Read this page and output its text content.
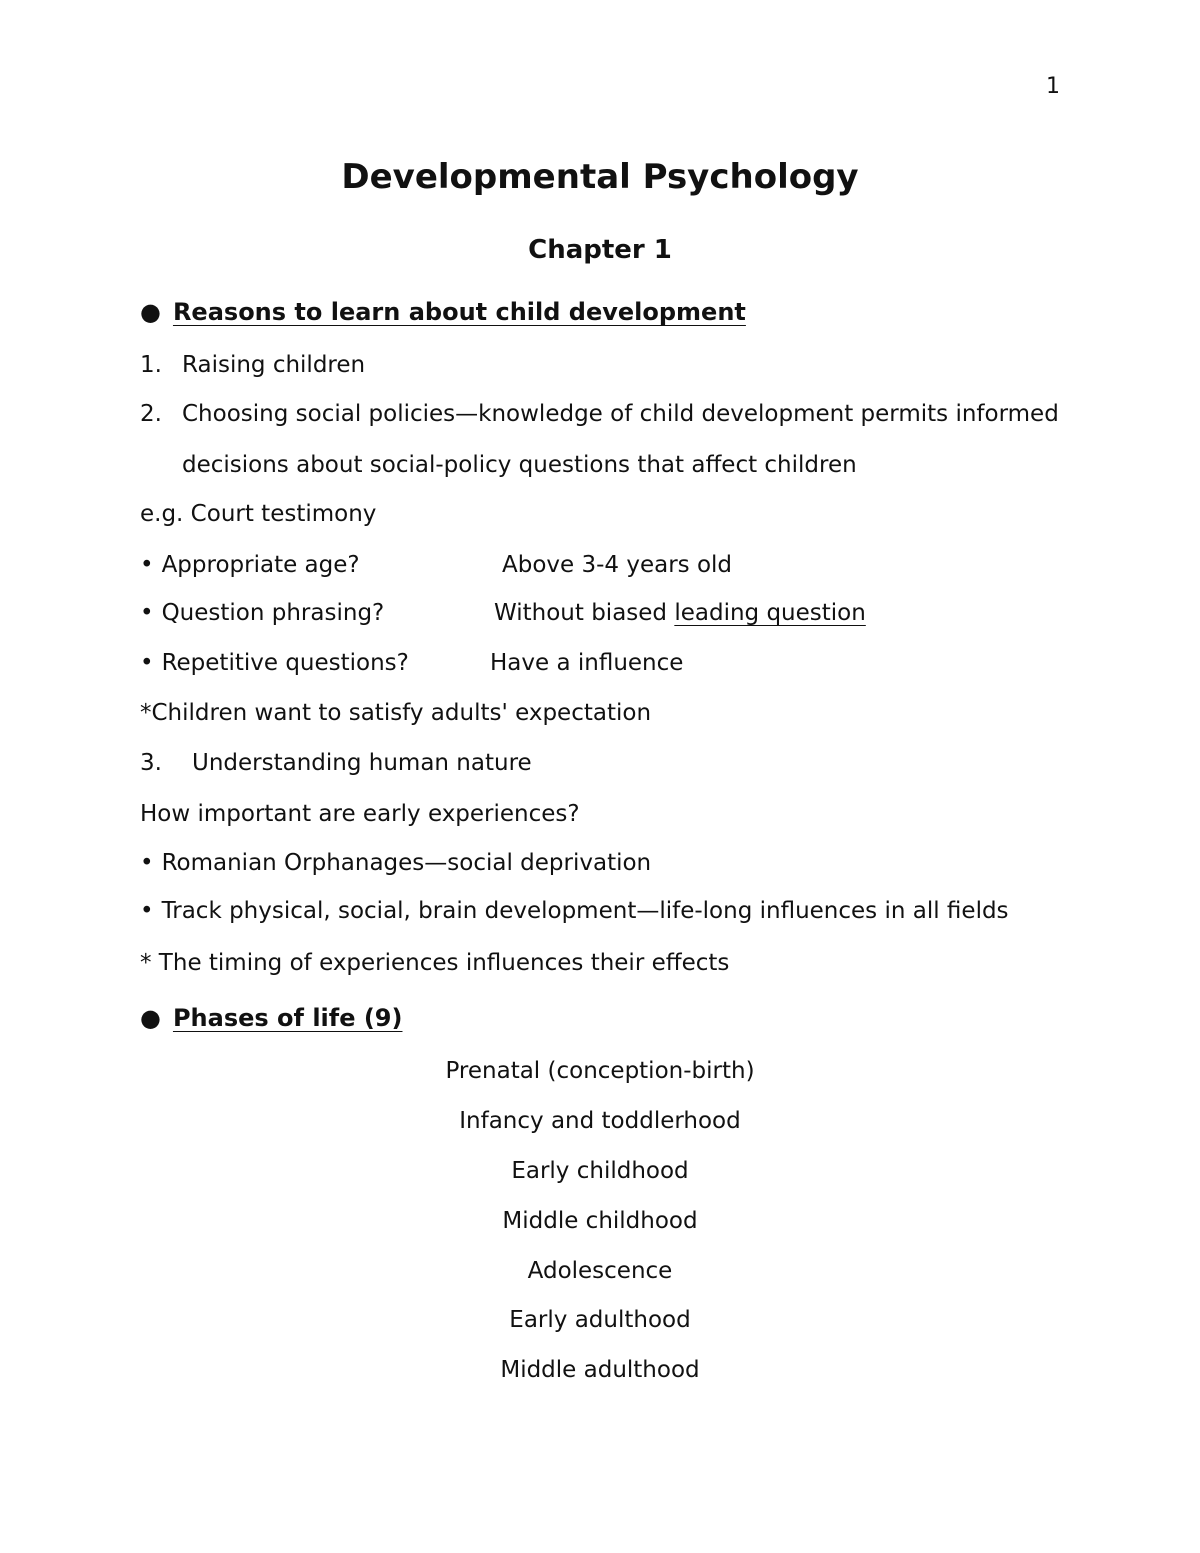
1
Developmental Psychology
Chapter 1
● Reasons to learn about child development
1. Raising children
2. Choosing social policies—knowledge of child development permits informed
decisions about social-policy questions that affect children
e.g. Court testimony
• Appropriate age?	Above 3-4 years old
• Question phrasing?	Without biased leading question
• Repetitive questions?	Have a influence
*Children want to satisfy adults' expectation
3. Understanding human nature
How important are early experiences?
• Romanian Orphanages—social deprivation
• Track physical, social, brain development—life-long influences in all fields
* The timing of experiences influences their effects
● Phases of life (9)
Prenatal (conception-birth)
Infancy and toddlerhood
Early childhood
Middle childhood
Adolescence
Early adulthood
Middle adulthood
